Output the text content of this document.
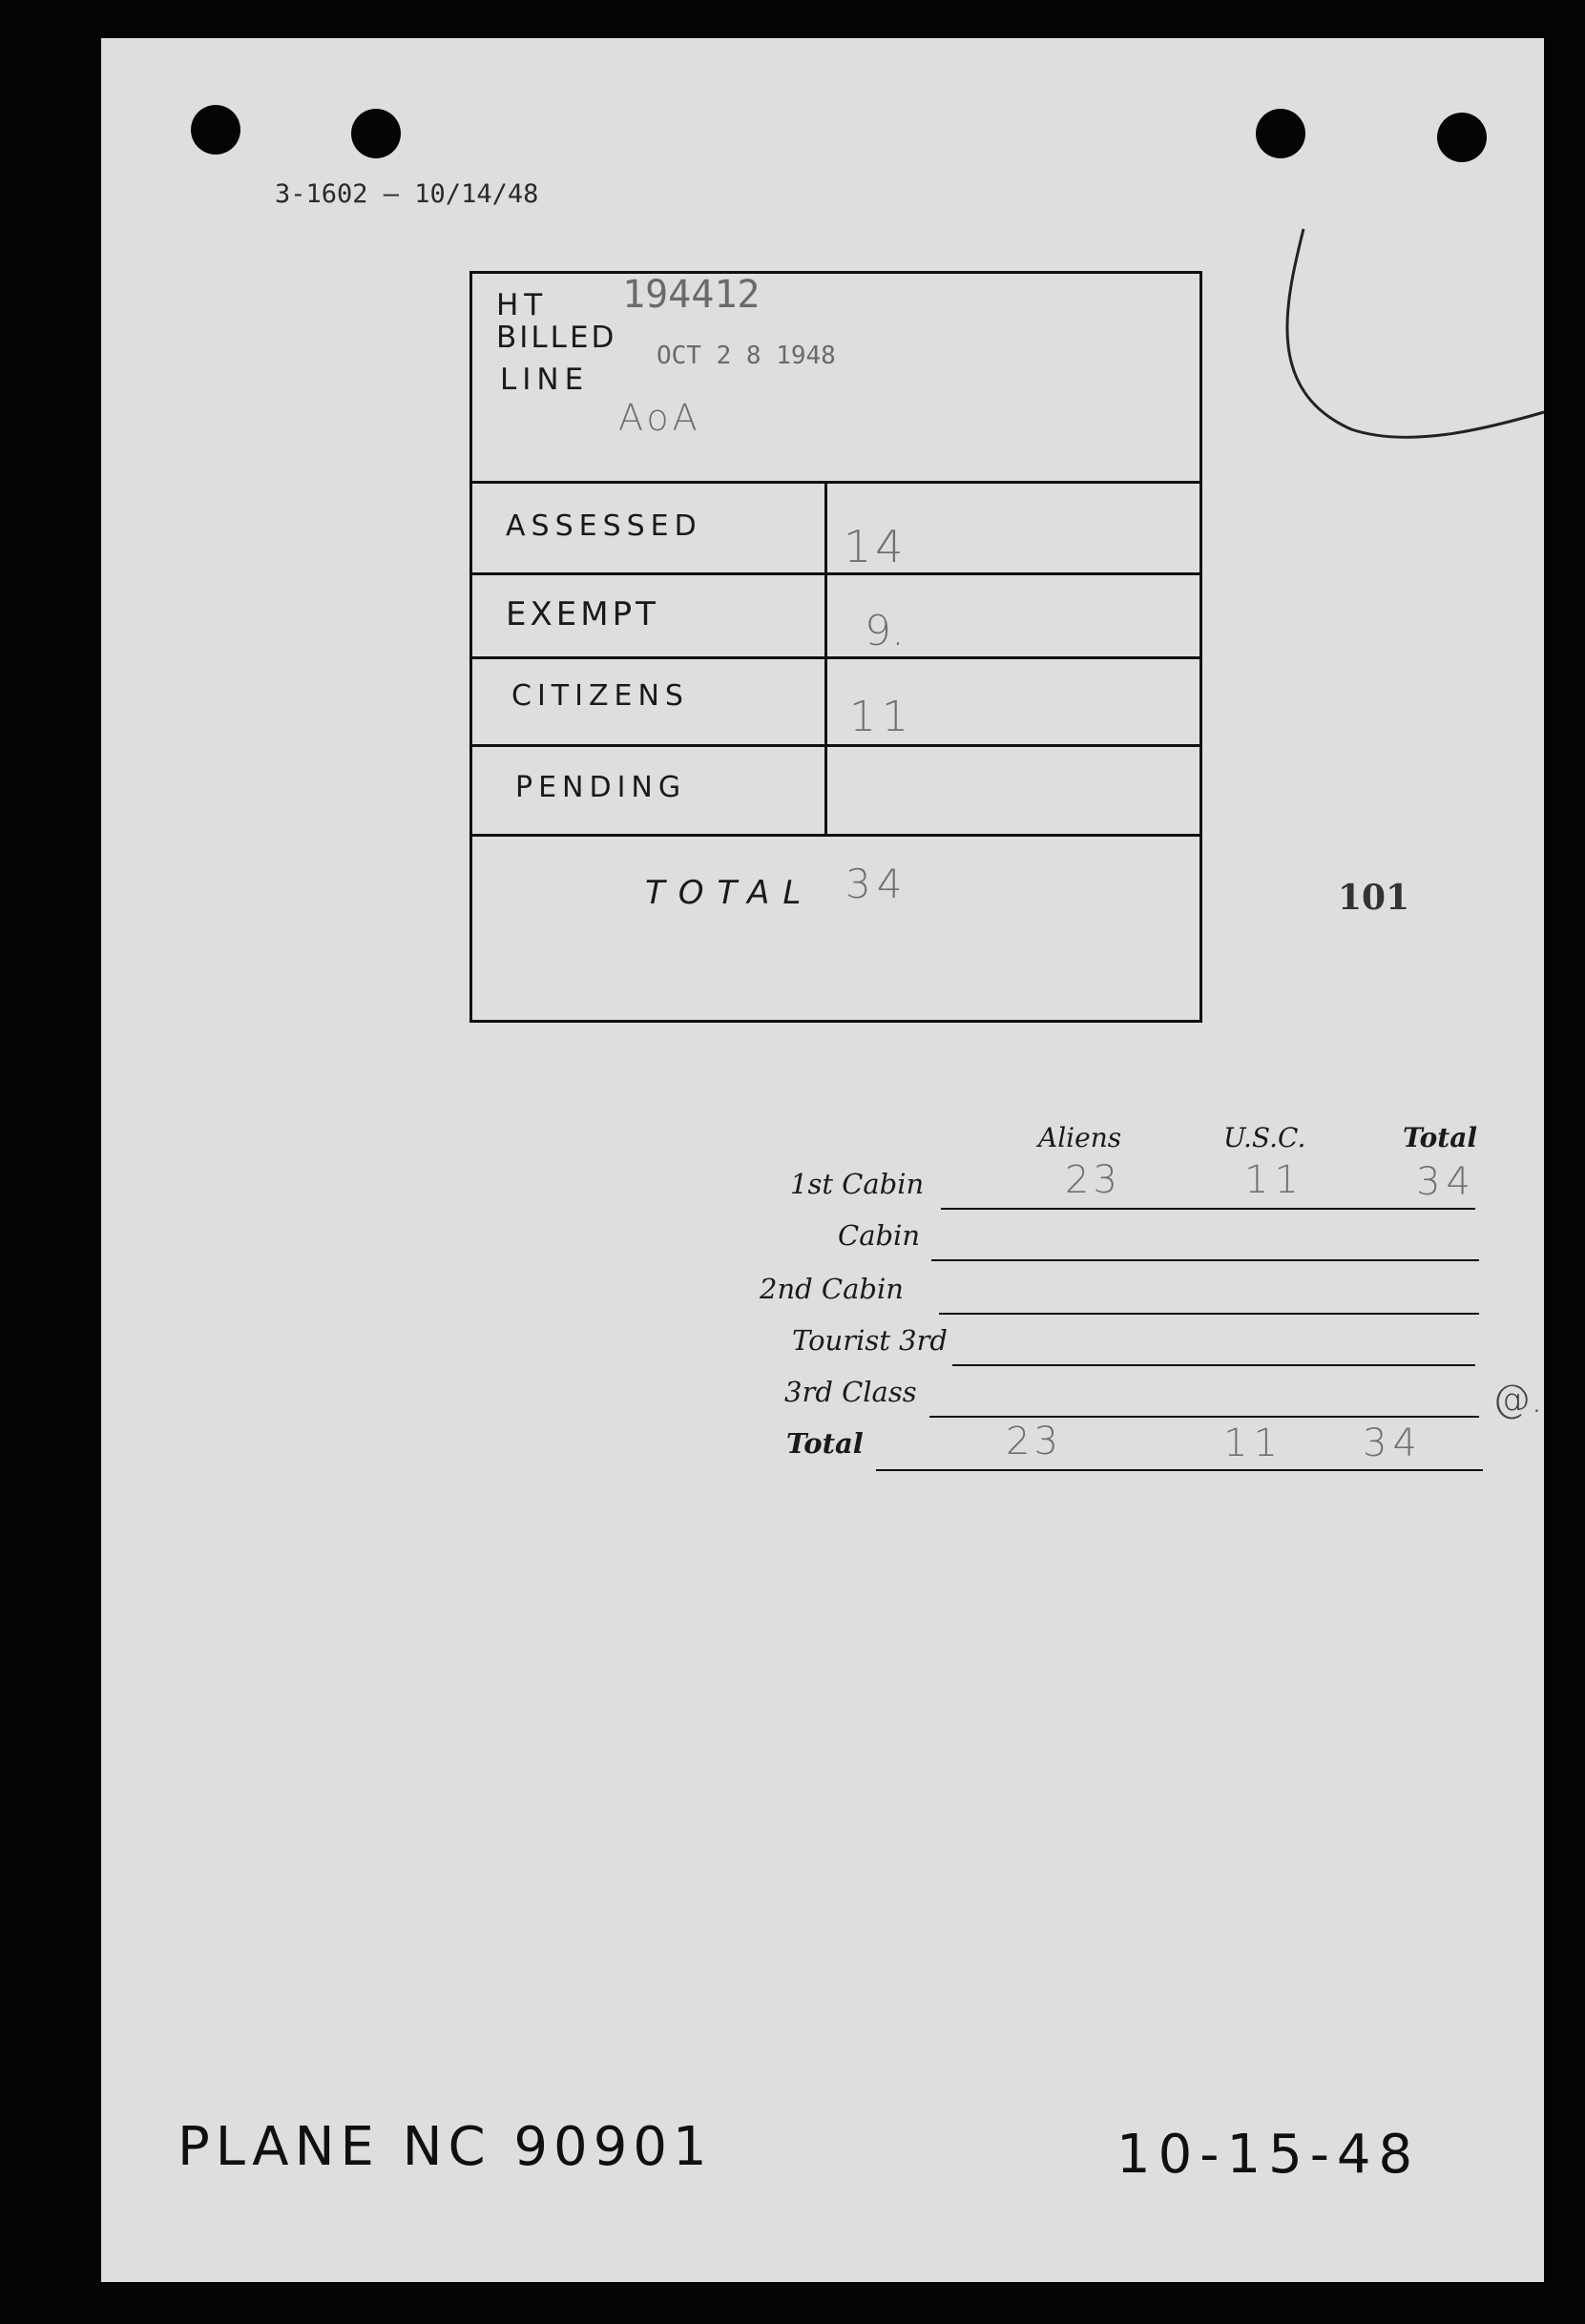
3-1602 — 10/14/48
HT
BILLED
LINE
194412
OCT 2 8 1948
AoA
ASSESSED	14
EXEMPT	9.
CITIZENS	11
PENDING
TOTAL 34	101
Aliens	U.S.C.	Total
1st Cabin	23	11	34
Cabin
2nd Cabin
Tourist 3rd
3rd Class	@.
Total	23	11 34
PLANE NC 90901	10-15-48
